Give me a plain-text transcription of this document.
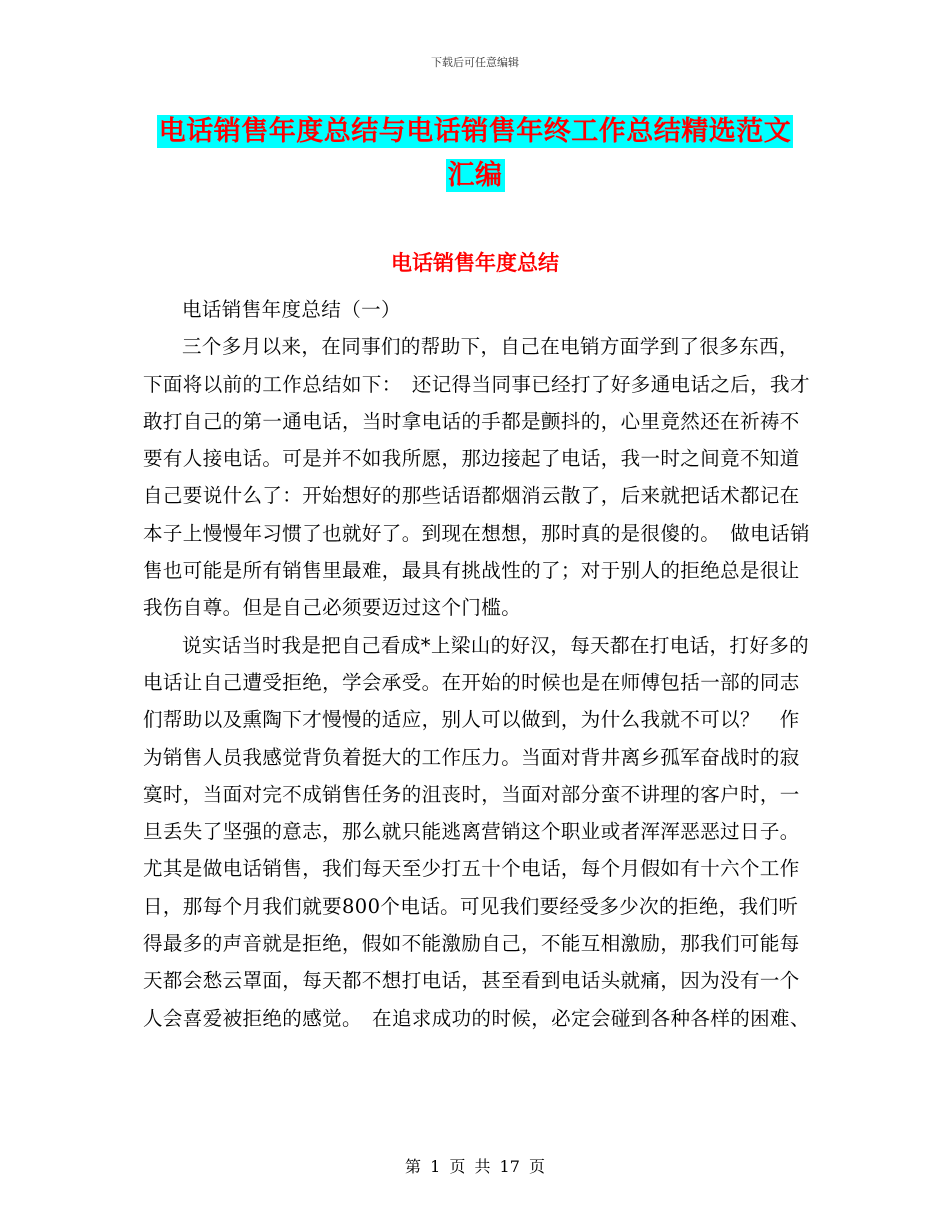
下载后可任意编辑
电话销售年度总结与电话销售年终工作总结精选范文
汇编
电话销售年度总结

电话销售年度总结（一）

三个多月以来，在同事们的帮助下，自己在电销方面学到了很多东西，下面将以前的工作总结如下：　还记得当同事已经打了好多通电话之后，我才敢打自己的第一通电话，当时拿电话的手都是颤抖的，心里竟然还在祈祷不要有人接电话。可是并不如我所愿，那边接起了电话，我一时之间竟不知道自己要说什么了：开始想好的那些话语都烟消云散了，后来就把话术都记在本子上慢慢年习惯了也就好了。到现在想想，那时真的是很傻的。　做电话销售也可能是所有销售里最难，最具有挑战性的了；对于别人的拒绝总是很让我伤自尊。但是自己必须要迈过这个门槛。

说实话当时我是把自己看成*上梁山的好汉，每天都在打电话，打好多的电话让自己遭受拒绝，学会承受。在开始的时候也是在师傅包括一部的同志们帮助以及熏陶下才慢慢的适应，别人可以做到，为什么我就不可以？　作为销售人员我感觉背负着挺大的工作压力。当面对背井离乡孤军奋战时的寂寞时，当面对完不成销售任务的沮丧时，当面对部分蛮不讲理的客户时，一旦丢失了坚强的意志，那么就只能逃离营销这个职业或者浑浑恶恶过日子。尤其是做电话销售，我们每天至少打五十个电话，每个月假如有十六个工作日，那每个月我们就要800个电话。可见我们要经受多少次的拒绝，我们听得最多的声音就是拒绝，假如不能激励自己，不能互相激励，那我们可能每天都会愁云罩面，每天都不想打电话，甚至看到电话头就痛，因为没有一个人会喜爱被拒绝的感觉。　在追求成功的时候，必定会碰到各种各样的困难、

第 1 页 共 17 页
